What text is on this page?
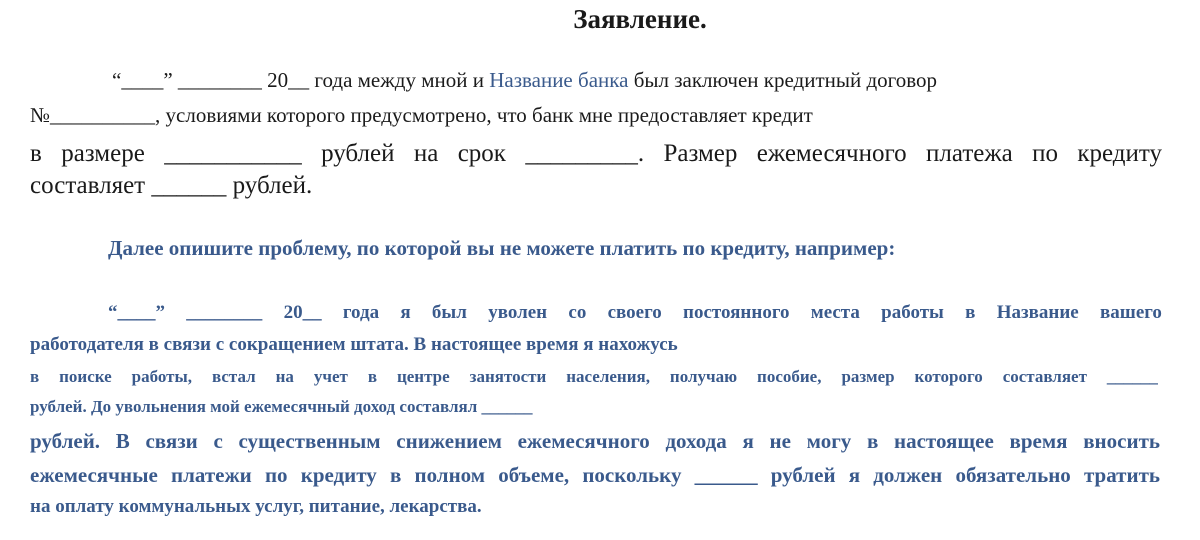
Заявление.
“____” ________ 20__ года между мной и Название банка был заключен кредитный договор
№__________, условиями которого предусмотрено, что банк мне предоставляет кредит
в размере ___________ рублей на срок _________. Размер ежемесячного платежа по кредиту
составляет ______ рублей.
Далее опишите проблему, по которой вы не можете платить по кредиту, например:
“____” ________ 20__ года я был уволен со своего постоянного места работы в Название вашего
работодателя в связи с сокращением штата. В настоящее время я нахожусь
в поиске работы, встал на учет в центре занятости населения, получаю пособие, размер которого составляет ______
рублей. До увольнения мой ежемесячный доход составлял ______
рублей. В связи с существенным снижением ежемесячного дохода я не могу в настоящее время вносить
ежемесячные платежи по кредиту в полном объеме, поскольку ______ рублей я должен обязательно тратить
на оплату коммунальных услуг, питание, лекарства.
